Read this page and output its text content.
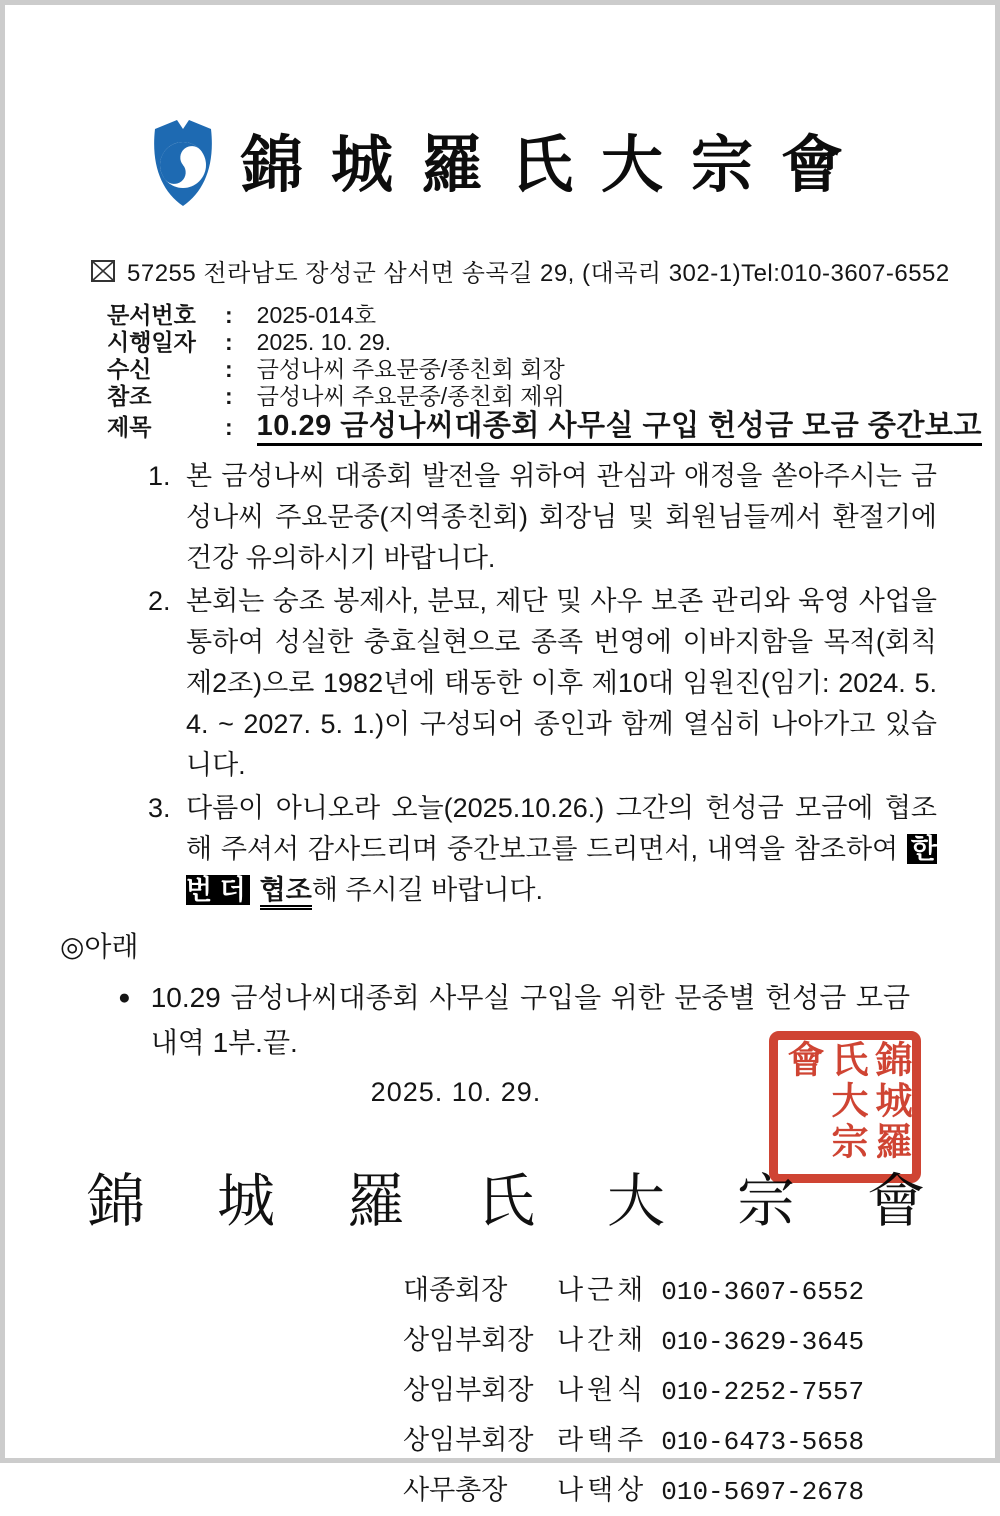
錦城羅氏大宗會
57255 전라남도 장성군 삼서면 송곡길 29, (대곡리 302-1)Tel:010-3607-6552
문서번호	: 2025-014호
시행일자	: 2025. 10. 29.
수신	: 금성나씨 주요문중/종친회 회장
참조	: 금성나씨 주요문중/종친회 제위
제목	: 10.29 금성나씨대종회 사무실 구입 헌성금 모금 중간보고
1. 본 금성나씨 대종회 발전을 위하여 관심과 애정을 쏟아주시는 금성나씨 주요문중(지역종친회) 회장님 및 회원님들께서 환절기에 건강 유의하시기 바랍니다.
2. 본회는 숭조 봉제사, 분묘, 제단 및 사우 보존 관리와 육영 사업을 통하여 성실한 충효실현으로 종족 번영에 이바지함을 목적(회칙 제2조)으로 1982년에 태동한 이후 제10대 임원진(임기: 2024. 5. 4. ~ 2027. 5. 1.)이 구성되어 종인과 함께 열심히 나아가고 있습니다.
3. 다름이 아니오라 오늘(2025.10.26.) 그간의 헌성금 모금에 협조해 주셔서 감사드리며 중간보고를 드리면서, 내역을 참조하여 한번 더 협조해 주시길 바랍니다.
◎아래
● 10.29 금성나씨대종회 사무실 구입을 위한 문중별 헌성금 모금 내역 1부.끝.
2025. 10. 29.
錦城羅氏大宗會
錦城羅氏大宗會
대종회장	나근채 010-3607-6552
상임부회장 나간채 010-3629-3645
상임부회장 나원식 010-2252-7557
상임부회장 라택주 010-6473-5658
사무총장	나택상 010-5697-2678
